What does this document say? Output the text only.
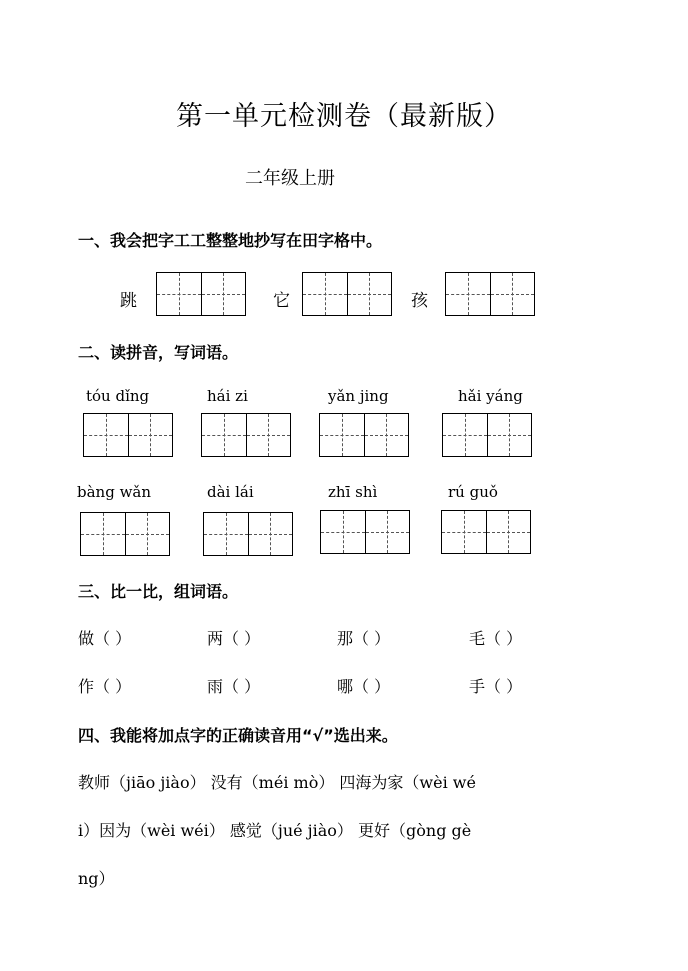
第一单元检测卷（最新版）
二年级上册
一、我会把字工工整整地抄写在田字格中。
跳	它	孩
二、读拼音，写词语。
tóu dǐng	hái zi	yǎn jing	hǎi yáng
bàng wǎn	dài lái	zhī shì	rú guǒ
三、比一比，组词语。
做（ ）	两（ ）	那（ ）	毛（ ）
作（ ）	雨（ ）	哪（ ）	手（ ）
四、我能将加点字的正确读音用“√”选出来。
教师（jiāo jiào） 没有（méi mò） 四海为家（wèi wé
i）因为（wèi wéi） 感觉（jué jiào） 更好（gòng gè
ng）
